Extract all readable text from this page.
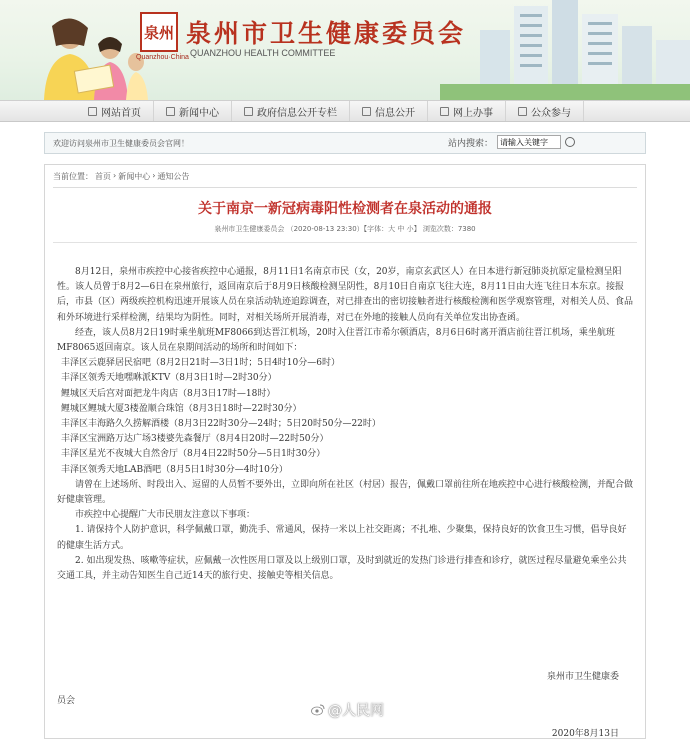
泉州
Quanzhou·China
泉州市卫生健康委员会
QUANZHOU HEALTH COMMITTEE
网站首页	新闻中心	政府信息公开专栏	信息公开	网上办事	公众参与
欢迎访问泉州市卫生健康委员会官网！	站内搜索：
请输入关键字
当前位置： 首页 › 新闻中心 › 通知公告
关于南京一新冠病毒阳性检测者在泉活动的通报
泉州市卫生健康委员会 （2020-08-13 23:30）【字体：大 中 小】 浏览次数：7380

8月12日，泉州市疾控中心接省疾控中心通报，8月11日1名南京市民（女，20岁，南京玄武区人）在日本进行新冠肺炎抗原定量检测呈阳性。该人员曾于8月2—6日在泉州旅行，返回南京后于8月9日核酸检测呈阴性，8月10日自南京飞往大连，8月11日由大连飞往日本东京。接报后，市县（区）两级疾控机构迅速开展该人员在泉活动轨迹追踪调查，对已排查出的密切接触者进行核酸检测和医学观察管理，对相关人员、食品和外环境进行采样检测，结果均为阴性。同时，对相关场所开展消毒，对已在外地的接触人员向有关单位发出协查函。

经查，该人员8月2日19时乘坐航班MF8066到达晋江机场，20时入住晋江市希尔顿酒店，8月6日6时离开酒店前往晋江机场，乘坐航班MF8065返回南京。该人员在泉期间活动的场所和时间如下：

丰泽区云鹿驿居民宿吧（8月2日21时—3日1时；5日4时10分—6时）

丰泽区领秀天地嘿咻派KTV（8月3日1时—2时30分）

鲤城区天后宫对面把龙牛肉店（8月3日17时—18时）

鲤城区鲤城大厦3楼盈顺合珠馆（8月3日18时—22时30分）

丰泽区丰海路久久捞解酒楼（8月3日22时30分—24时；5日20时50分—22时）

丰泽区宝洲路万达广场3楼婆先森餐厅（8月4日20时—22时50分）

丰泽区星光不夜城大自然舍厅（8月4日22时50分—5日1时30分）

丰泽区领秀天地LAB酒吧（8月5日1时30分—4时10分）

请曾在上述场所、时段出入、逗留的人员暂不要外出，立即向所在社区（村居）报告，佩戴口罩前往所在地疾控中心进行核酸检测，并配合做好健康管理。

市疾控中心提醒广大市民朋友注意以下事项：

1. 请保持个人防护意识，科学佩戴口罩，勤洗手、常通风，保持一米以上社交距离；不扎堆、少聚集，保持良好的饮食卫生习惯，倡导良好的健康生活方式。

2. 如出现发热、咳嗽等症状，应佩戴一次性医用口罩及以上级别口罩，及时到就近的发热门诊进行排查和诊疗，就医过程尽量避免乘坐公共交通工具，并主动告知医生自己近14天的旅行史、接触史等相关信息。

泉州市卫生健康委
员会
2020年8月13日
@人民网
